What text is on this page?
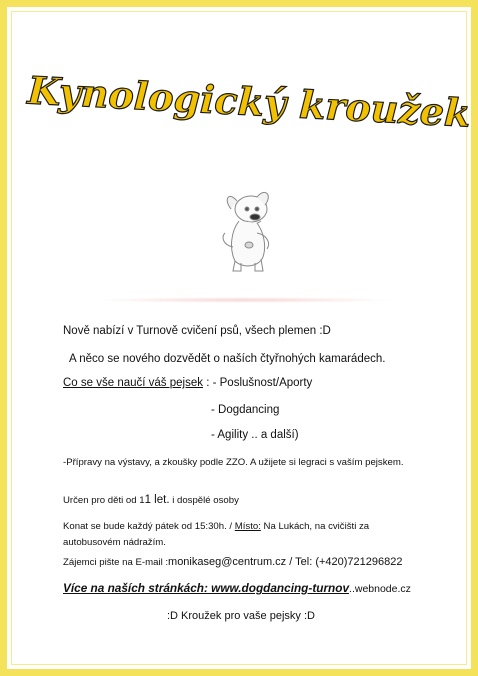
Kynologický kroužek
Nově nabízí v Turnově cvičení psů, všech plemen :D
A něco se nového dozvědět o naších čtyřnohých kamarádech.
Co se vše naučí váš pejsek : - Poslušnost/Aporty
- Dogdancing
- Agility .. a další)
-Přípravy na výstavy, a zkoušky podle ZZO. A užijete si legraci s vaším pejskem.
Určen pro děti od 11 let. i dospělé osoby
Konat se bude každý pátek od 15:30h. / Místo: Na Lukách, na cvičišti za autobusovém nádražím.
Zájemci pište na E-mail :monikaseg@centrum.cz / Tel: (+420)721296822
Více na naších stránkách: www.dogdancing-turnov..webnode.cz
:D Kroužek pro vaše pejsky :D
